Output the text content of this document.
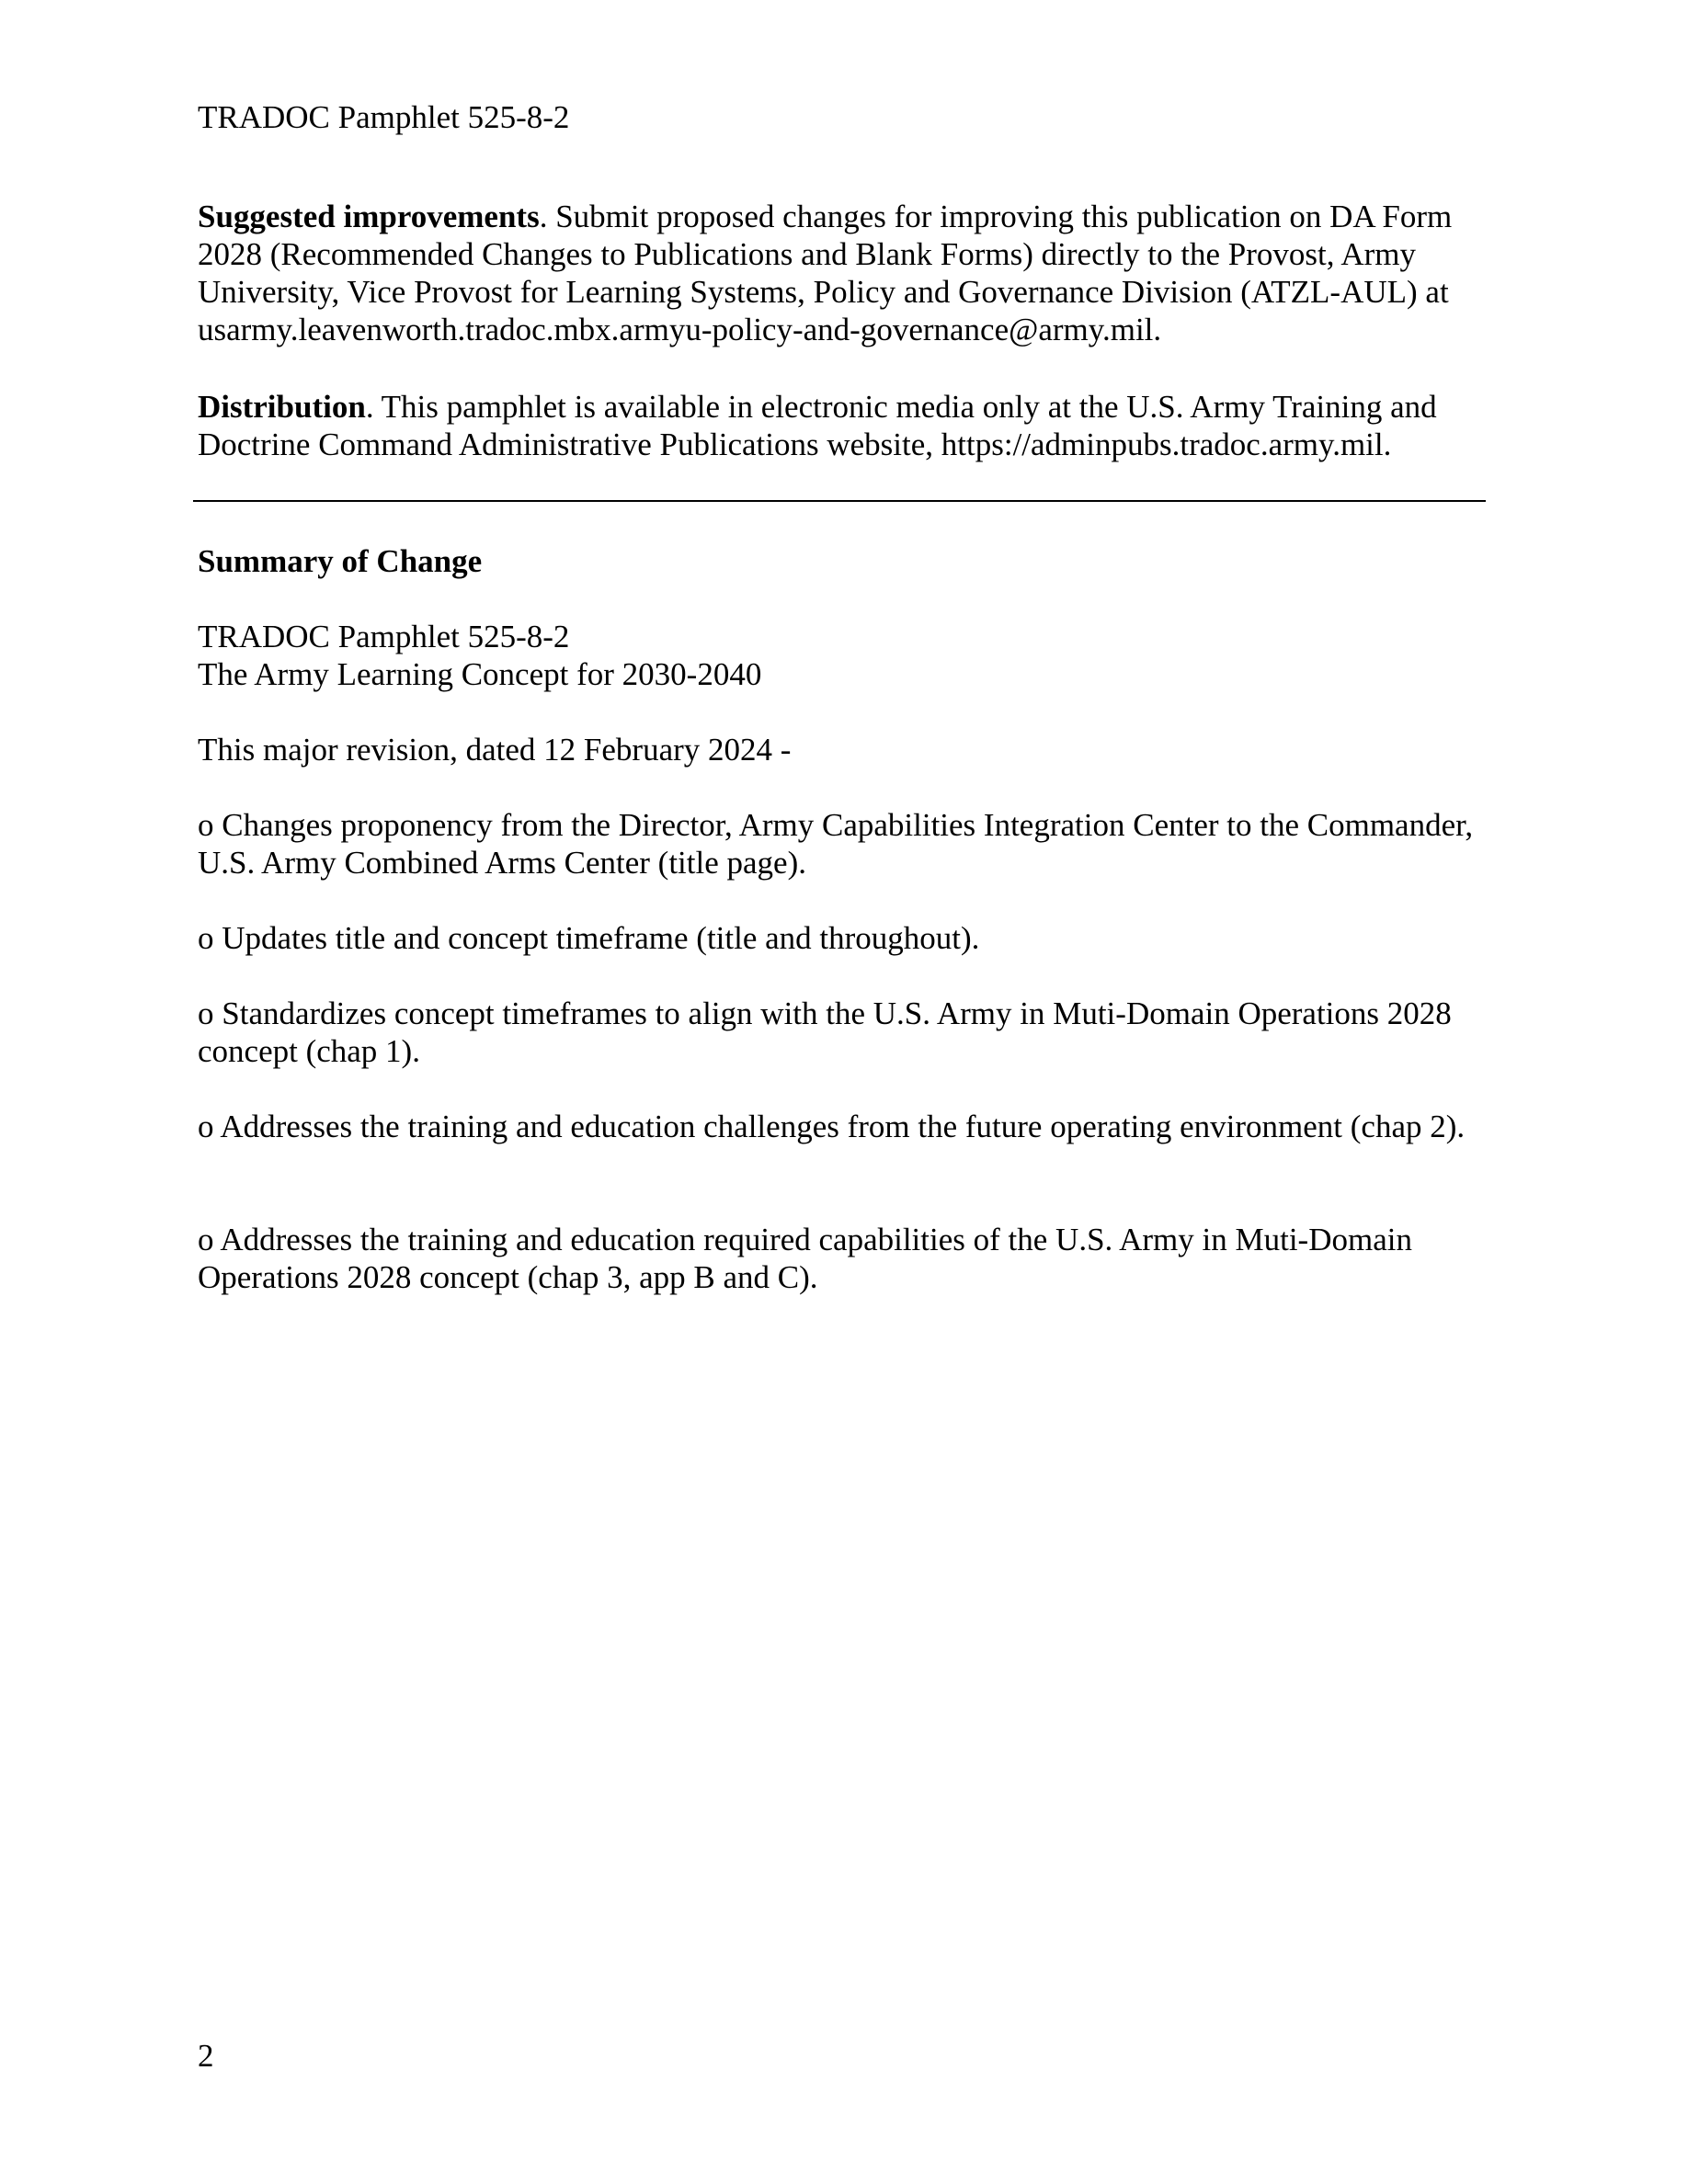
TRADOC Pamphlet 525-8-2

Suggested improvements. Submit proposed changes for improving this publication on DA Form 2028 (Recommended Changes to Publications and Blank Forms) directly to the Provost, Army University, Vice Provost for Learning Systems, Policy and Governance Division (ATZL-AUL) at usarmy.leavenworth.tradoc.mbx.armyu-policy-and-governance@army.mil.

Distribution. This pamphlet is available in electronic media only at the U.S. Army Training and Doctrine Command Administrative Publications website, https://adminpubs.tradoc.army.mil.

Summary of Change
TRADOC Pamphlet 525-8-2
The Army Learning Concept for 2030-2040
This major revision, dated 12 February 2024 -

o Changes proponency from the Director, Army Capabilities Integration Center to the Commander, U.S. Army Combined Arms Center (title page).

o Updates title and concept timeframe (title and throughout).

o Standardizes concept timeframes to align with the U.S. Army in Muti-Domain Operations 2028 concept (chap 1).

o Addresses the training and education challenges from the future operating environment (chap 2).

o Addresses the training and education required capabilities of the U.S. Army in Muti-Domain Operations 2028 concept (chap 3, app B and C).

2
